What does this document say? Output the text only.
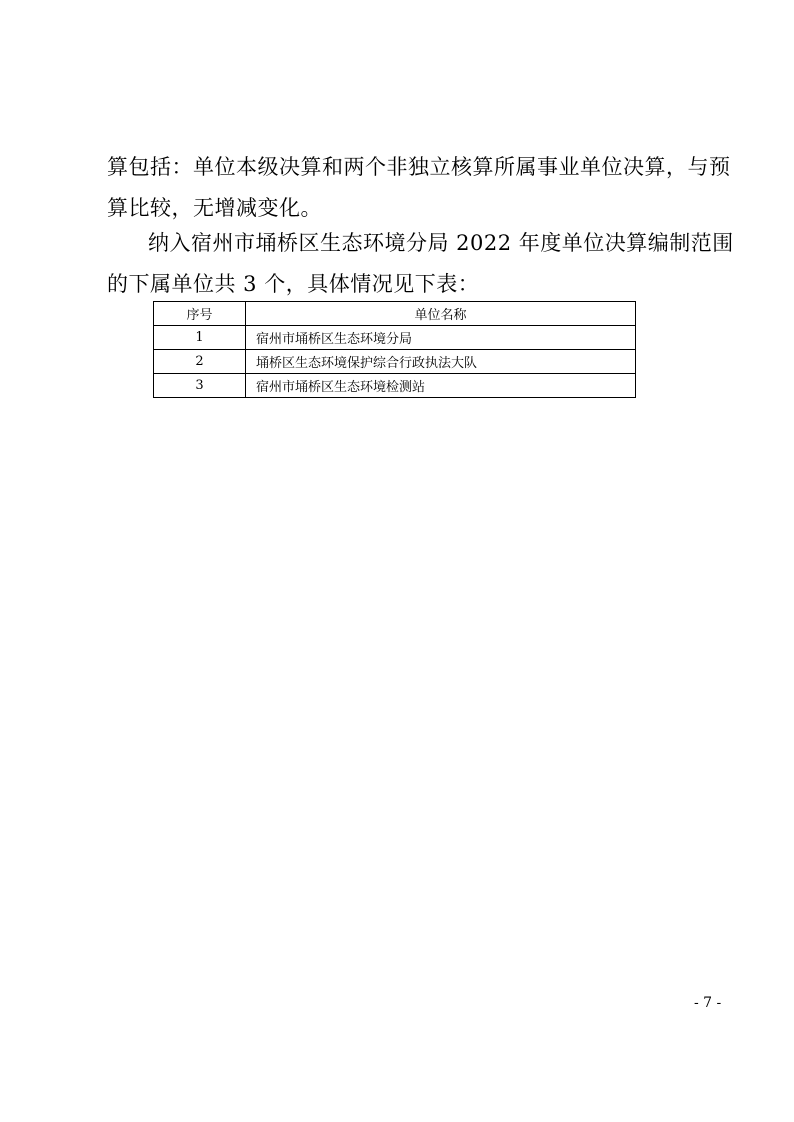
算包括：单位本级决算和两个非独立核算所属事业单位决算，与预
算比较，无增减变化。
纳入宿州市埇桥区生态环境分局 2022 年度单位决算编制范围
的下属单位共 3 个，具体情况见下表：
序号	单位名称
1	宿州市埇桥区生态环境分局
2	埇桥区生态环境保护综合行政执法大队
3	宿州市埇桥区生态环境检测站
- 7 -
